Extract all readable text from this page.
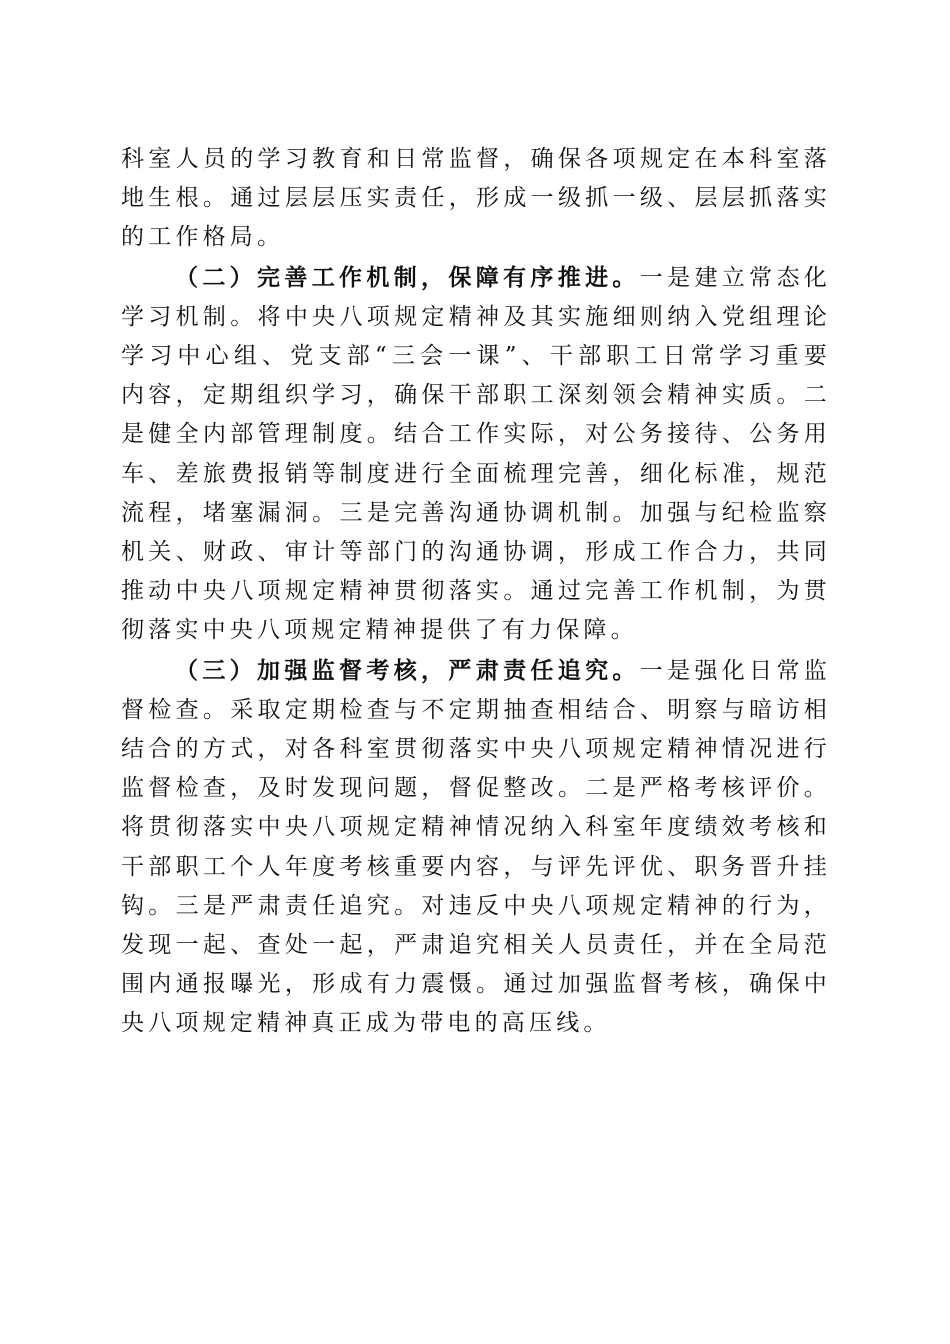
科室人员的学习教育和日常监督，确保各项规定在本科室落地生根。通过层层压实责任，形成一级抓一级、层层抓落实的工作格局。

（二）完善工作机制，保障有序推进。一是建立常态化学习机制。将中央八项规定精神及其实施细则纳入党组理论学习中心组、党支部“三会一课”、干部职工日常学习重要内容，定期组织学习，确保干部职工深刻领会精神实质。二是健全内部管理制度。结合工作实际，对公务接待、公务用车、差旅费报销等制度进行全面梳理完善，细化标准，规范流程，堵塞漏洞。三是完善沟通协调机制。加强与纪检监察机关、财政、审计等部门的沟通协调，形成工作合力，共同推动中央八项规定精神贯彻落实。通过完善工作机制，为贯彻落实中央八项规定精神提供了有力保障。

（三）加强监督考核，严肃责任追究。一是强化日常监督检查。采取定期检查与不定期抽查相结合、明察与暗访相结合的方式，对各科室贯彻落实中央八项规定精神情况进行监督检查，及时发现问题，督促整改。二是严格考核评价。将贯彻落实中央八项规定精神情况纳入科室年度绩效考核和干部职工个人年度考核重要内容，与评先评优、职务晋升挂钩。三是严肃责任追究。对违反中央八项规定精神的行为，发现一起、查处一起，严肃追究相关人员责任，并在全局范围内通报曝光，形成有力震慑。通过加强监督考核，确保中央八项规定精神真正成为带电的高压线。
